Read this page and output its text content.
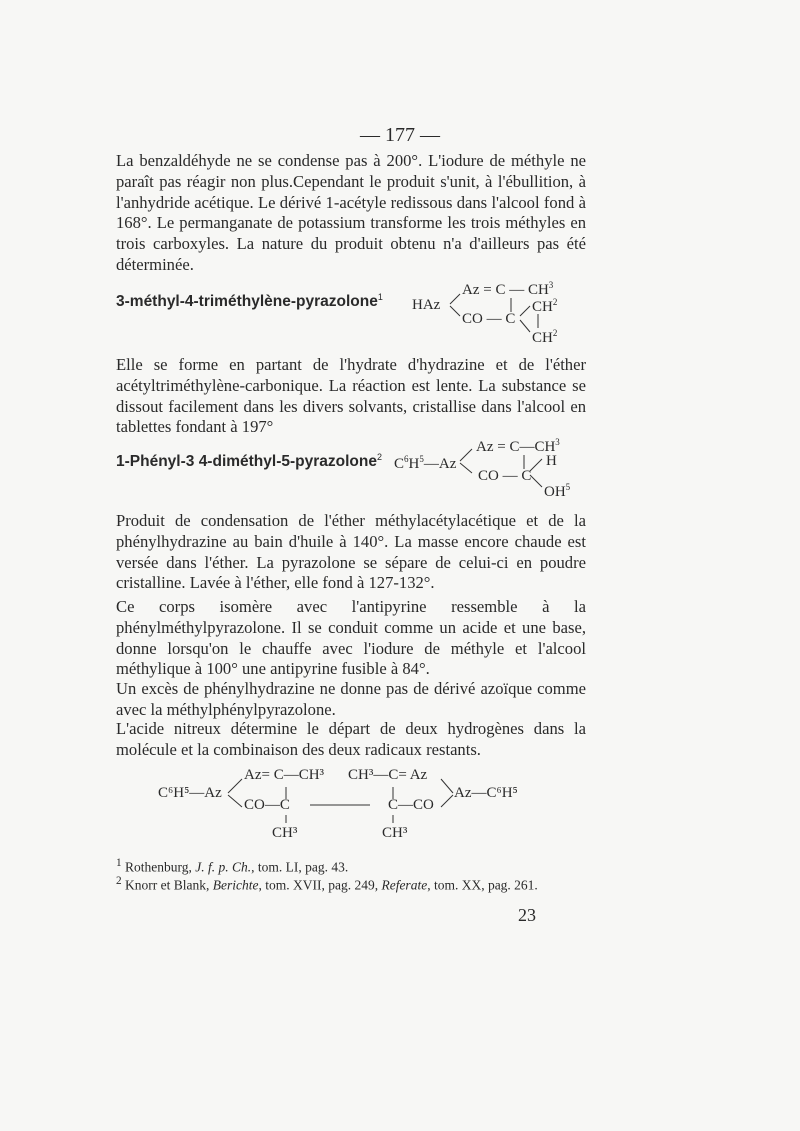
— 177 —
La benzaldéhyde ne se condense pas à 200°. L'iodure de méthyle ne paraît pas réagir non plus.Cependant le produit s'unit, à l'ébullition, à l'anhydride acétique. Le dérivé 1-acétyle redissous dans l'alcool fond à 168°. Le permanganate de potassium transforme les trois méthyles en trois carboxyles. La nature du produit obtenu n'a d'ailleurs pas été déterminée.
3-méthyl-4-triméthylène-pyrazolone$^1$ HAz
Az = C — $CH^3$
CO — C
$CH^2$
$CH^2$
Elle se forme en partant de l'hydrate d'hydrazine et de l'éther acétyltriméthylène-carbonique. La réaction est lente. La substance se dissout facilement dans les divers solvants, cristallise dans l'alcool en tablettes fondant à 197°
1-Phényl-3 4-diméthyl-5-pyrazolone$^2$ $C^6H^5—Az$
$Az = C—CH^3$
CO — C
H
$OH^5$
Produit de condensation de l'éther méthylacétylacétique et de la phénylhydrazine au bain d'huile à 140°. La masse encore chaude est versée dans l'éther. La pyrazolone se sépare de celui-ci en poudre cristalline. Lavée à l'éther, elle fond à 127-132°.
Ce corps isomère avec l'antipyrine ressemble à la phénylméthylpyrazolone. Il se conduit comme un acide et une base, donne lorsqu'on le chauffe avec l'iodure de méthyle et l'alcool méthylique à 100° une antipyrine fusible à 84°.
Un excès de phénylhydrazine ne donne pas de dérivé azoïque comme avec la méthylphénylpyrazolone.
L'acide nitreux détermine le départ de deux hydrogènes dans la molécule et la combinaison des deux radicaux restants.
C⁶H⁵—Az
Az= C—CH³ CH³—C= Az
CO—C	C—CO
Az—C⁶H⁵
CH³	CH³
$^1$ Rothenburg, J. f. p. Ch., tom. LI, pag. 43.
$^2$ Knorr et Blank, Berichte, tom. XVII, pag. 249, Referate, tom. XX, pag. 261.
23
